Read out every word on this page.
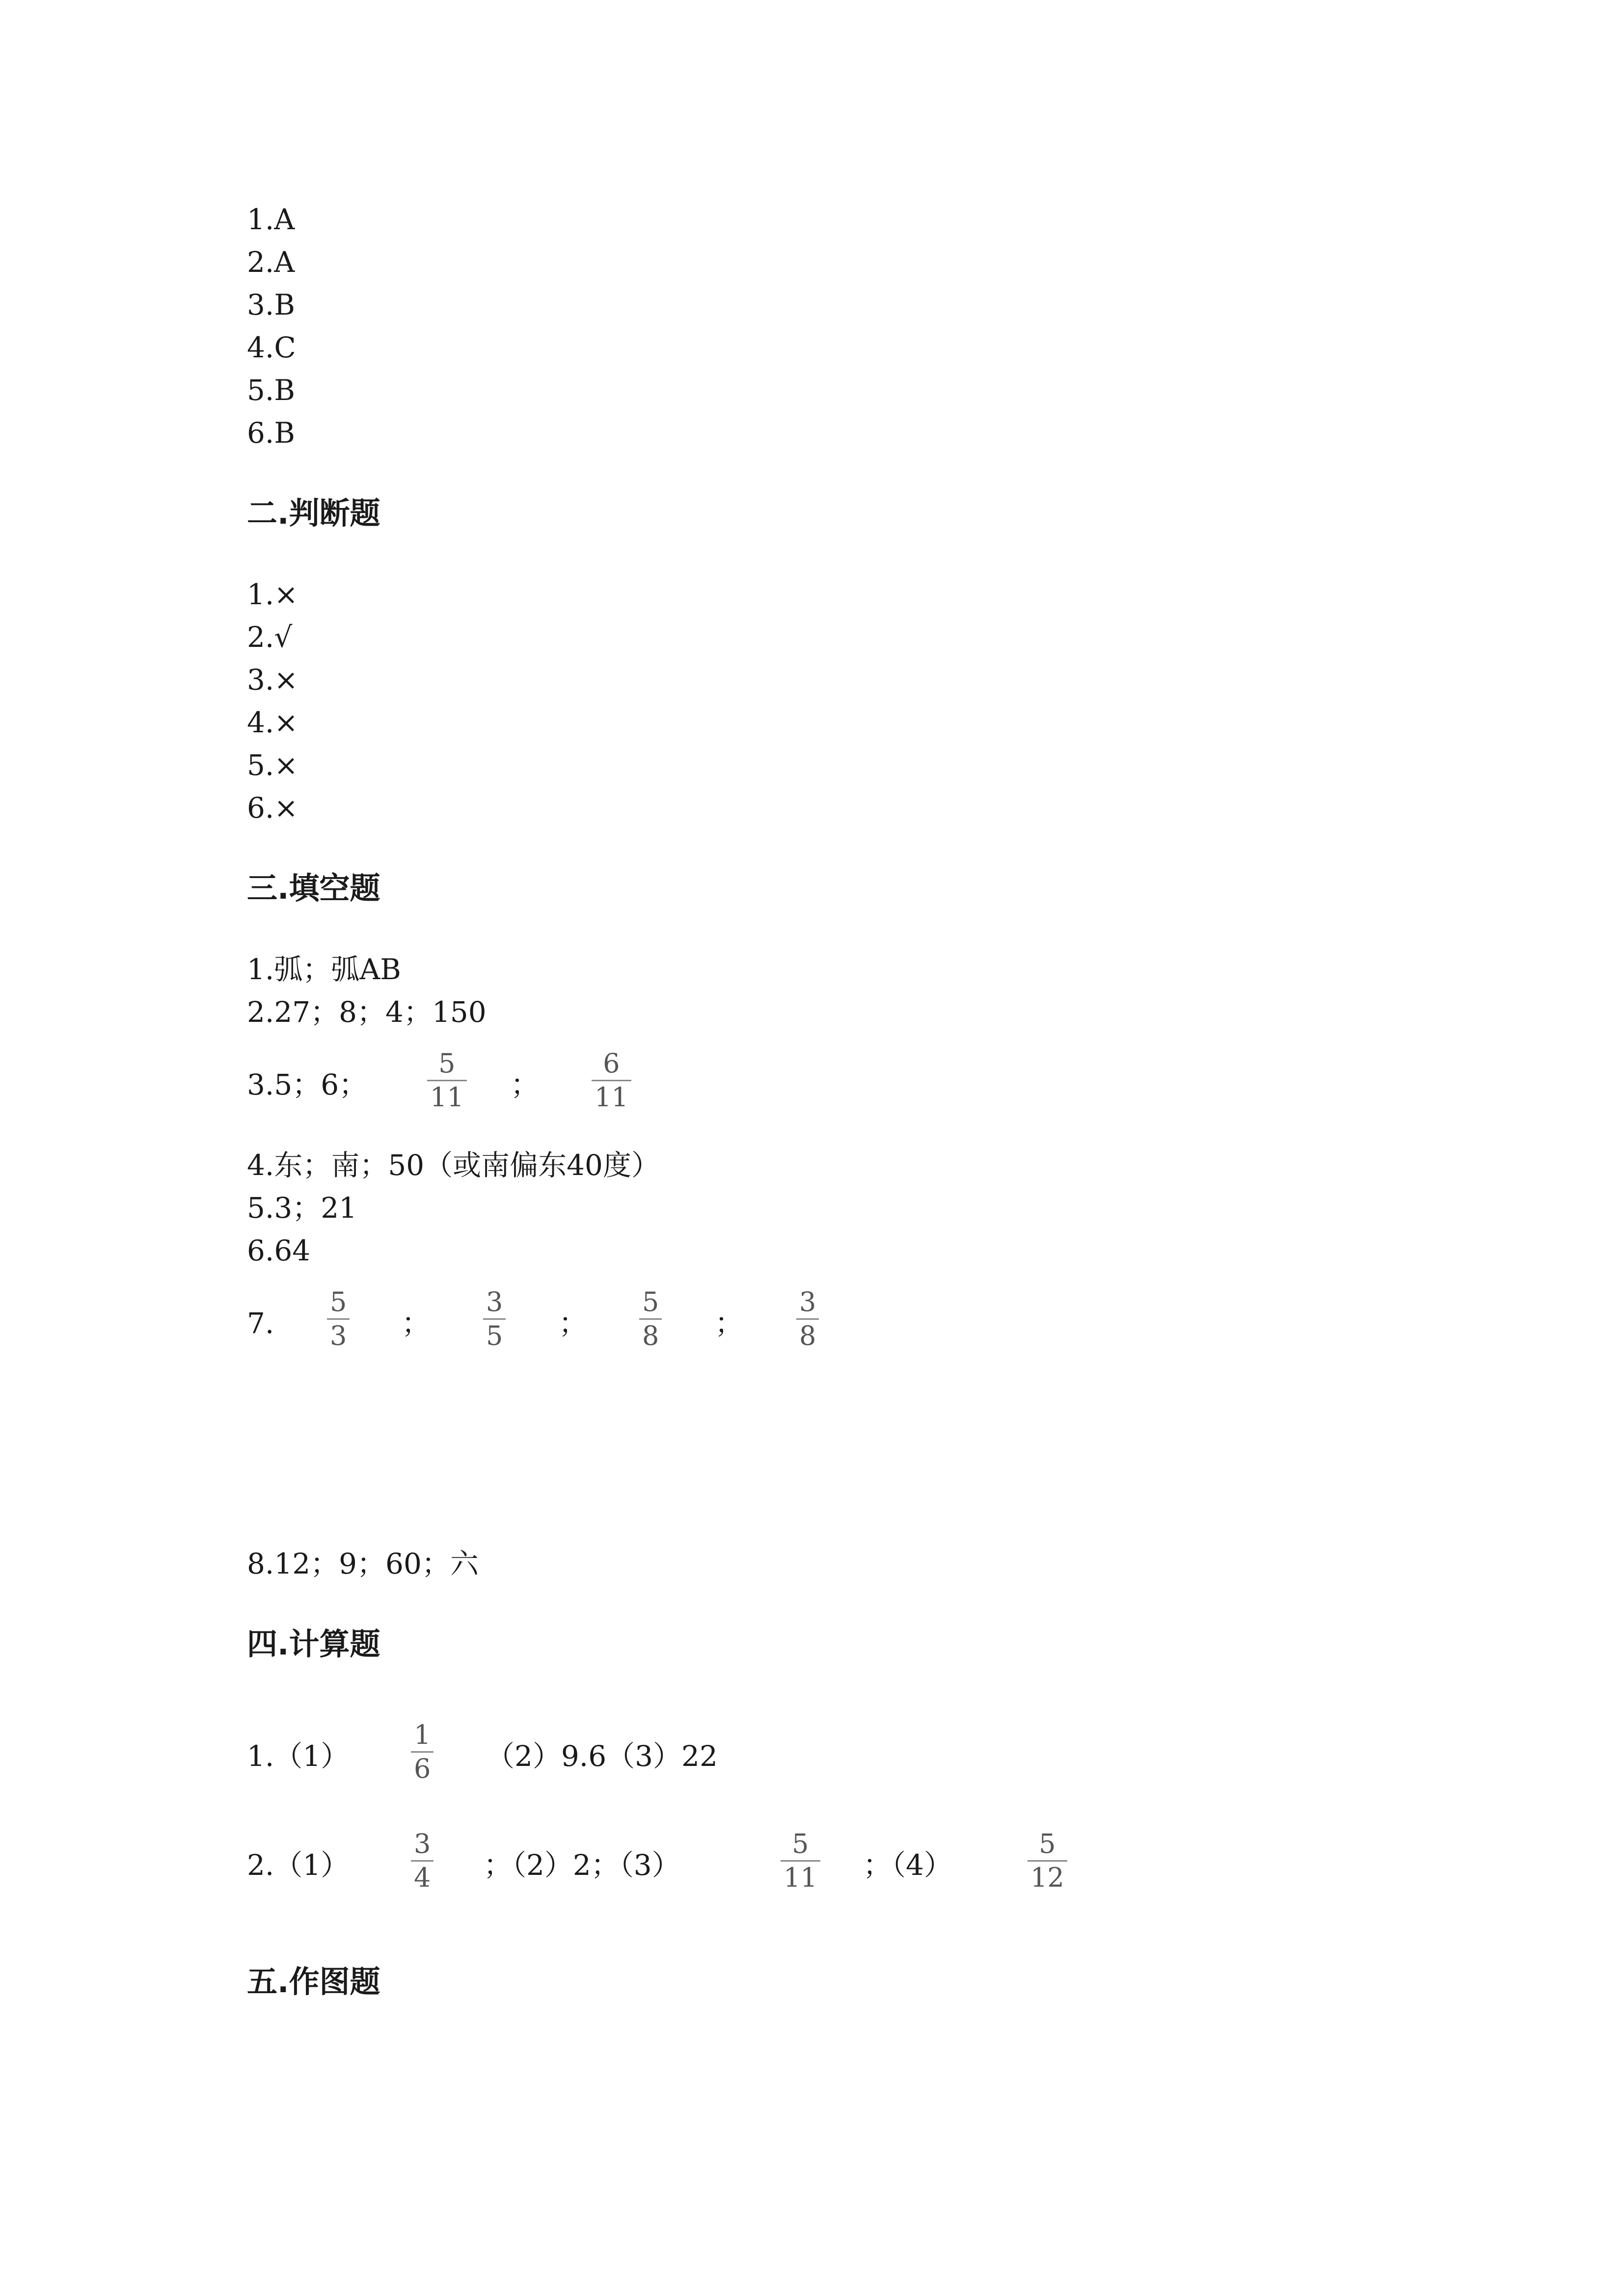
1.A
2.A
3.B
4.C
5.B
6.B
二.判断题
1.×
2.√
3.×
4.×
5.×
6.×
三.填空题
1.弧；弧AB
2.27；8；4；150
3.5；6；
5
11 ；
6
11
4.东；南；50（或南偏东40度）
5.3；21
6.64
7.
5
3 ；
3
5 ；
5
8 ；
3
8
8.12；9；60；六
四.计算题
1.（1）
1
6 （2）9.6（3）22
2.（1）
3
4 ；（2）2；（3）
5
11 ；（4）
5
12
五.作图题
